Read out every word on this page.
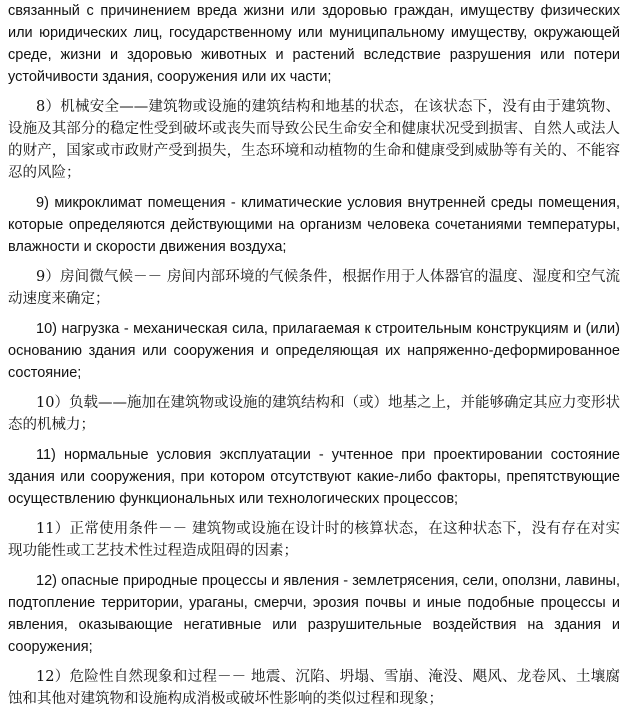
связанный с причинением вреда жизни или здоровью граждан, имуществу физических или юридических лиц, государственному или муниципальному имуществу, окружающей среде, жизни и здоровью животных и растений вследствие разрушения или потери устойчивости здания, сооружения или их части;

8）机械安全——建筑物或设施的建筑结构和地基的状态，在该状态下，没有由于建筑物、设施及其部分的稳定性受到破坏或丧失而导致公民生命安全和健康状况受到损害、自然人或法人的财产，国家或市政财产受到损失，生态环境和动植物的生命和健康受到威胁等有关的、不能容忍的风险；

9) микроклимат помещения - климатические условия внутренней среды помещения, которые определяются действующими на организм человека сочетаниями температуры, влажности и скорости движения воздуха;

9）房间微气候－－ 房间内部环境的气候条件，根据作用于人体器官的温度、湿度和空气流动速度来确定；

10) нагрузка - механическая сила, прилагаемая к строительным конструкциям и (или) основанию здания или сооружения и определяющая их напряженно-деформированное состояние;

10）负载——施加在建筑物或设施的建筑结构和（或）地基之上，并能够确定其应力变形状态的机械力；

11) нормальные условия эксплуатации - учтенное при проектировании состояние здания или сооружения, при котором отсутствуют какие-либо факторы, препятствующие осуществлению функциональных или технологических процессов;

11）正常使用条件－－ 建筑物或设施在设计时的核算状态，在这种状态下，没有存在对实现功能性或工艺技术性过程造成阻碍的因素；

12) опасные природные процессы и явления - землетрясения, сели, оползни, лавины, подтопление территории, ураганы, смерчи, эрозия почвы и иные подобные процессы и явления, оказывающие негативные или разрушительные воздействия на здания и сооружения;

12）危险性自然现象和过程－－ 地震、沉陷、坍塌、雪崩、淹没、飓风、龙卷风、土壤腐蚀和其他对建筑物和设施构成消极或破坏性影响的类似过程和现象；
